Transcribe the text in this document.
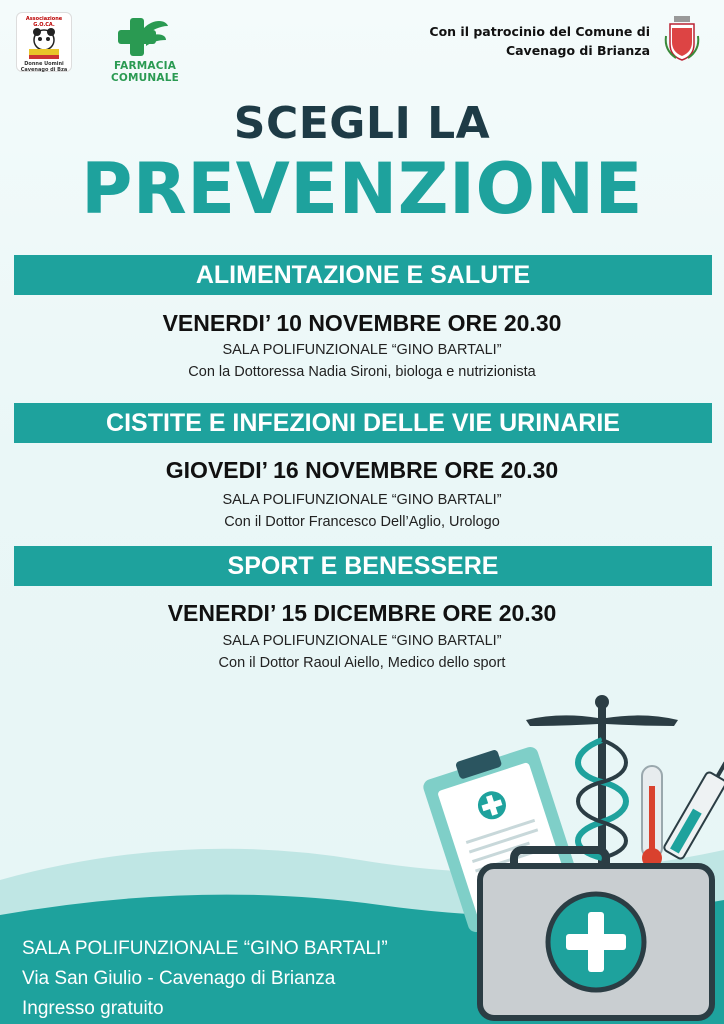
Associazione G.O.CA.
Donne Uomini Cavenago di Bza	FARMACIA COMUNALE
Con il patrocinio del Comune di
Cavenago di Brianza
SCEGLI LA
PREVENZIONE
ALIMENTAZIONE E SALUTE
VENERDI’ 10 NOVEMBRE ORE 20.30
SALA POLIFUNZIONALE “GINO BARTALI”
Con la Dottoressa Nadia Sironi, biologa e nutrizionista
CISTITE E INFEZIONI DELLE VIE URINARIE
GIOVEDI’ 16 NOVEMBRE ORE 20.30
SALA POLIFUNZIONALE “GINO BARTALI”
Con il Dottor Francesco Dell’Aglio, Urologo
SPORT E BENESSERE
VENERDI’ 15 DICEMBRE ORE 20.30
SALA POLIFUNZIONALE “GINO BARTALI”
Con il Dottor Raoul Aiello, Medico dello sport
SALA POLIFUNZIONALE “GINO BARTALI”
Via San Giulio - Cavenago di Brianza
Ingresso gratuito
